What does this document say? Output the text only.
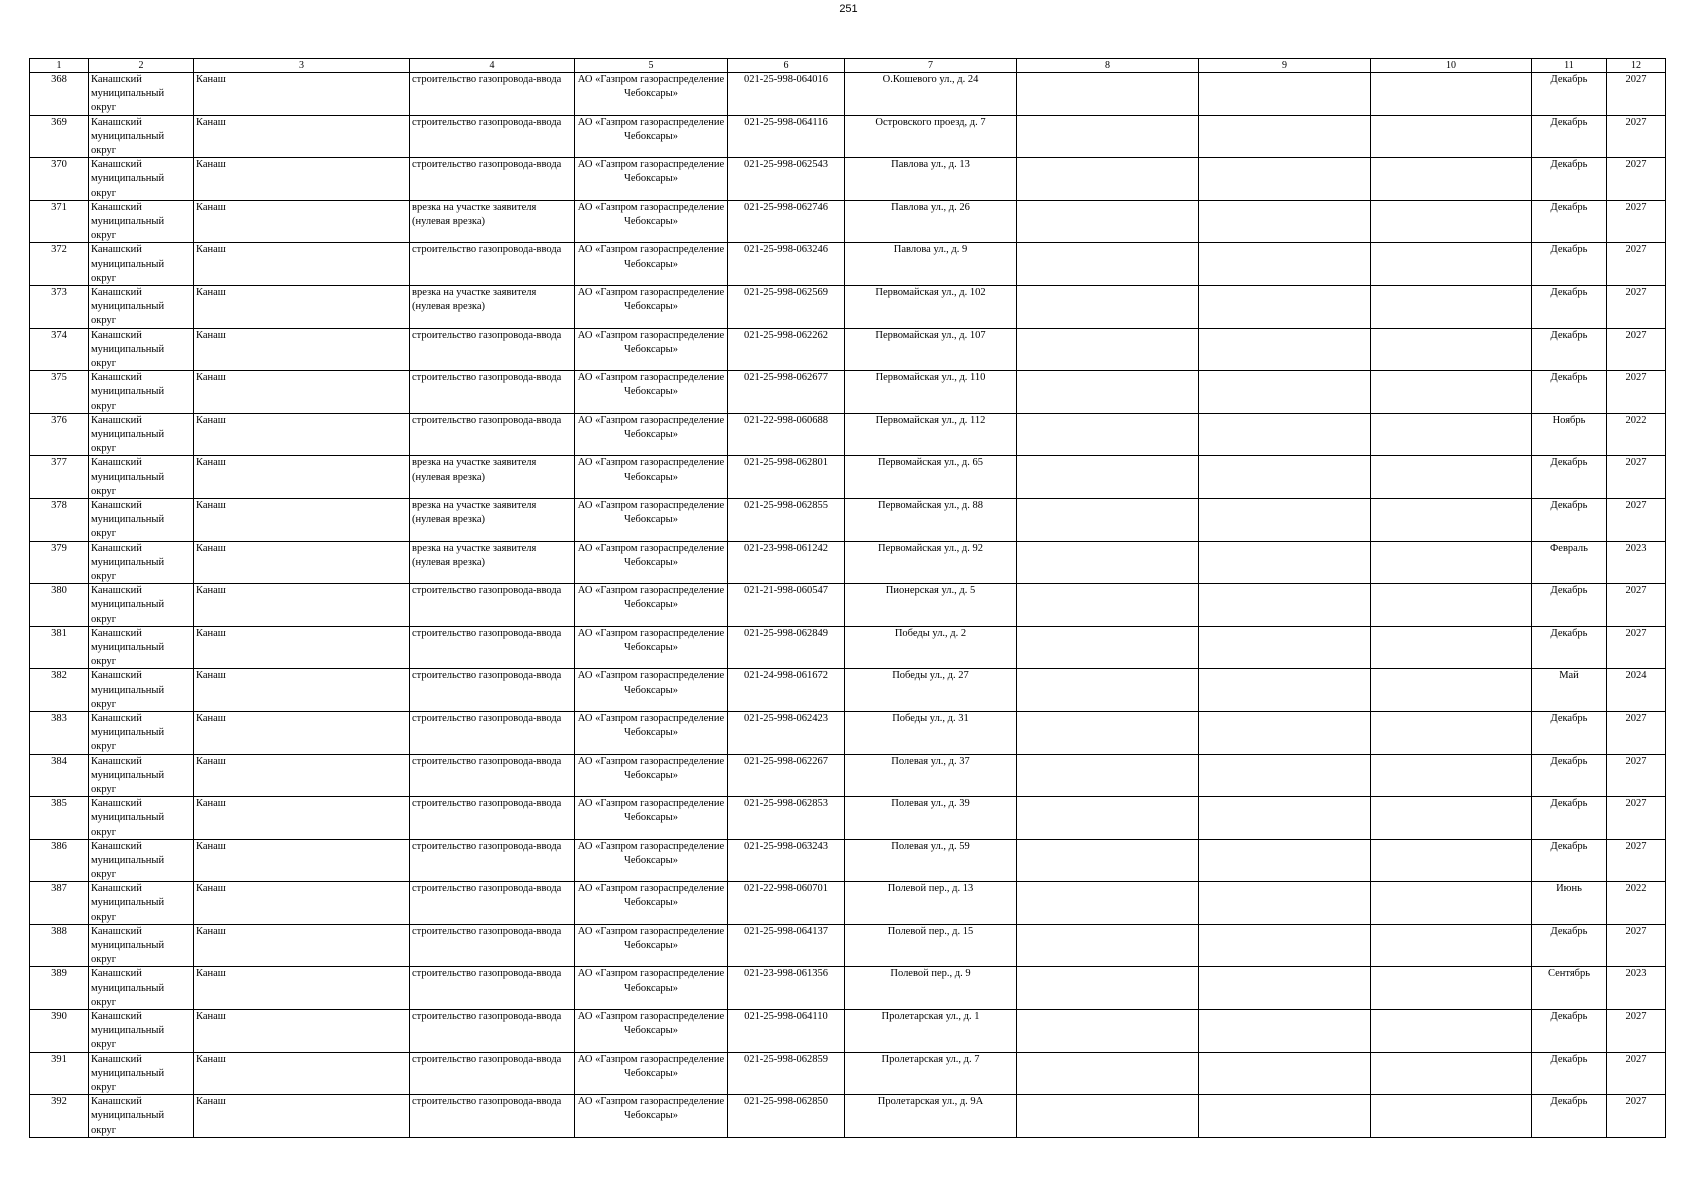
251
1	2	3	4	5	6	7	8	9	10	11	12

368	Канашский муниципальный округ	Канаш	строительство газопровода-ввода	АО «Газпром газораспределение Чебоксары»	021-25-998-064016	О.Кошевого ул., д. 24				Декабрь	2027

369	Канашский муниципальный округ	Канаш	строительство газопровода-ввода	АО «Газпром газораспределение Чебоксары»	021-25-998-064116	Островского проезд, д. 7				Декабрь	2027

370	Канашский муниципальный округ	Канаш	строительство газопровода-ввода	АО «Газпром газораспределение Чебоксары»	021-25-998-062543	Павлова ул., д. 13				Декабрь	2027

371	Канашский муниципальный округ	Канаш	врезка на участке заявителя (нулевая врезка)	АО «Газпром газораспределение Чебоксары»	021-25-998-062746	Павлова ул., д. 26				Декабрь	2027

372	Канашский муниципальный округ	Канаш	строительство газопровода-ввода	АО «Газпром газораспределение Чебоксары»	021-25-998-063246	Павлова ул., д. 9				Декабрь	2027

373	Канашский муниципальный округ	Канаш	врезка на участке заявителя (нулевая врезка)	АО «Газпром газораспределение Чебоксары»	021-25-998-062569	Первомайская ул., д. 102				Декабрь	2027

374	Канашский муниципальный округ	Канаш	строительство газопровода-ввода	АО «Газпром газораспределение Чебоксары»	021-25-998-062262	Первомайская ул., д. 107				Декабрь	2027

375	Канашский муниципальный округ	Канаш	строительство газопровода-ввода	АО «Газпром газораспределение Чебоксары»	021-25-998-062677	Первомайская ул., д. 110				Декабрь	2027

376	Канашский муниципальный округ	Канаш	строительство газопровода-ввода	АО «Газпром газораспределение Чебоксары»	021-22-998-060688	Первомайская ул., д. 112				Ноябрь	2022

377	Канашский муниципальный округ	Канаш	врезка на участке заявителя (нулевая врезка)	АО «Газпром газораспределение Чебоксары»	021-25-998-062801	Первомайская ул., д. 65				Декабрь	2027

378	Канашский муниципальный округ	Канаш	врезка на участке заявителя (нулевая врезка)	АО «Газпром газораспределение Чебоксары»	021-25-998-062855	Первомайская ул., д. 88				Декабрь	2027

379	Канашский муниципальный округ	Канаш	врезка на участке заявителя (нулевая врезка)	АО «Газпром газораспределение Чебоксары»	021-23-998-061242	Первомайская ул., д. 92				Февраль	2023

380	Канашский муниципальный округ	Канаш	строительство газопровода-ввода	АО «Газпром газораспределение Чебоксары»	021-21-998-060547	Пионерская ул., д. 5				Декабрь	2027

381	Канашский муниципальный округ	Канаш	строительство газопровода-ввода	АО «Газпром газораспределение Чебоксары»	021-25-998-062849	Победы ул., д. 2				Декабрь	2027

382	Канашский муниципальный округ	Канаш	строительство газопровода-ввода	АО «Газпром газораспределение Чебоксары»	021-24-998-061672	Победы ул., д. 27				Май	2024

383	Канашский муниципальный округ	Канаш	строительство газопровода-ввода	АО «Газпром газораспределение Чебоксары»	021-25-998-062423	Победы ул., д. 31				Декабрь	2027

384	Канашский муниципальный округ	Канаш	строительство газопровода-ввода	АО «Газпром газораспределение Чебоксары»	021-25-998-062267	Полевая ул., д. 37				Декабрь	2027

385	Канашский муниципальный округ	Канаш	строительство газопровода-ввода	АО «Газпром газораспределение Чебоксары»	021-25-998-062853	Полевая ул., д. 39				Декабрь	2027

386	Канашский муниципальный округ	Канаш	строительство газопровода-ввода	АО «Газпром газораспределение Чебоксары»	021-25-998-063243	Полевая ул., д. 59				Декабрь	2027

387	Канашский муниципальный округ	Канаш	строительство газопровода-ввода	АО «Газпром газораспределение Чебоксары»	021-22-998-060701	Полевой пер., д. 13				Июнь	2022

388	Канашский муниципальный округ	Канаш	строительство газопровода-ввода	АО «Газпром газораспределение Чебоксары»	021-25-998-064137	Полевой пер., д. 15				Декабрь	2027

389	Канашский муниципальный округ	Канаш	строительство газопровода-ввода	АО «Газпром газораспределение Чебоксары»	021-23-998-061356	Полевой пер., д. 9				Сентябрь	2023

390	Канашский муниципальный округ	Канаш	строительство газопровода-ввода	АО «Газпром газораспределение Чебоксары»	021-25-998-064110	Пролетарская ул., д. 1				Декабрь	2027

391	Канашский муниципальный округ	Канаш	строительство газопровода-ввода	АО «Газпром газораспределение Чебоксары»	021-25-998-062859	Пролетарская ул., д. 7				Декабрь	2027

392	Канашский муниципальный округ	Канаш	строительство газопровода-ввода	АО «Газпром газораспределение Чебоксары»	021-25-998-062850	Пролетарская ул., д. 9А				Декабрь	2027
